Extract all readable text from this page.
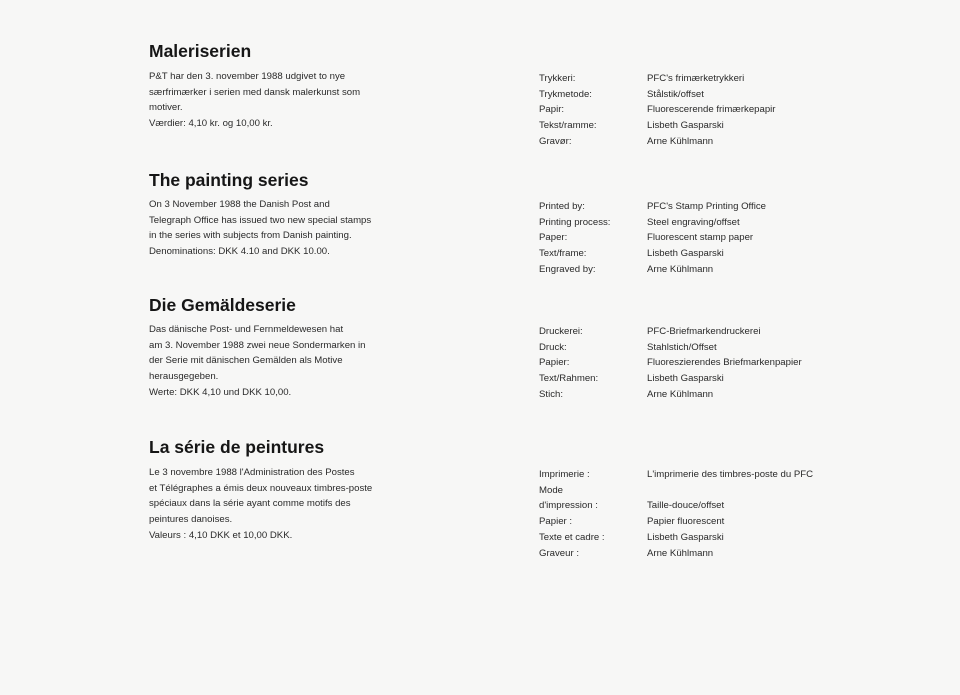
Maleriserien

P&T har den 3. november 1988 udgivet to nye
særfrimærker i serien med dansk malerkunst som
motiver.
Værdier: 4,10 kr. og 10,00 kr.

Trykkeri:	PFC's frimærketrykkeri
Trykmetode:	Stålstik/offset
Papir:	Fluorescerende frimærkepapir
Tekst/ramme:	Lisbeth Gasparski
Gravør:	Arne Kühlmann
The painting series

On 3 November 1988 the Danish Post and
Telegraph Office has issued two new special stamps
in the series with subjects from Danish painting.
Denominations: DKK 4.10 and DKK 10.00.

Printed by:	PFC's Stamp Printing Office
Printing process:	Steel engraving/offset
Paper:	Fluorescent stamp paper
Text/frame:	Lisbeth Gasparski
Engraved by:	Arne Kühlmann
Die Gemäldeserie

Das dänische Post- und Fernmeldewesen hat
am 3. November 1988 zwei neue Sondermarken in
der Serie mit dänischen Gemälden als Motive
herausgegeben.
Werte: DKK 4,10 und DKK 10,00.

Druckerei:	PFC-Briefmarkendruckerei
Druck:	Stahlstich/Offset
Papier:	Fluoreszierendes Briefmarkenpapier
Text/Rahmen:	Lisbeth Gasparski
Stich:	Arne Kühlmann
La série de peintures

Le 3 novembre 1988 l'Administration des Postes
et Télégraphes a émis deux nouveaux timbres-poste
spéciaux dans la série ayant comme motifs des
peintures danoises.
Valeurs : 4,10 DKK et 10,00 DKK.

Imprimerie :	L'imprimerie des timbres-poste du PFC
Mode
d'impression :	Taille-douce/offset
Papier :	Papier fluorescent
Texte et cadre :	Lisbeth Gasparski
Graveur :	Arne Kühlmann
